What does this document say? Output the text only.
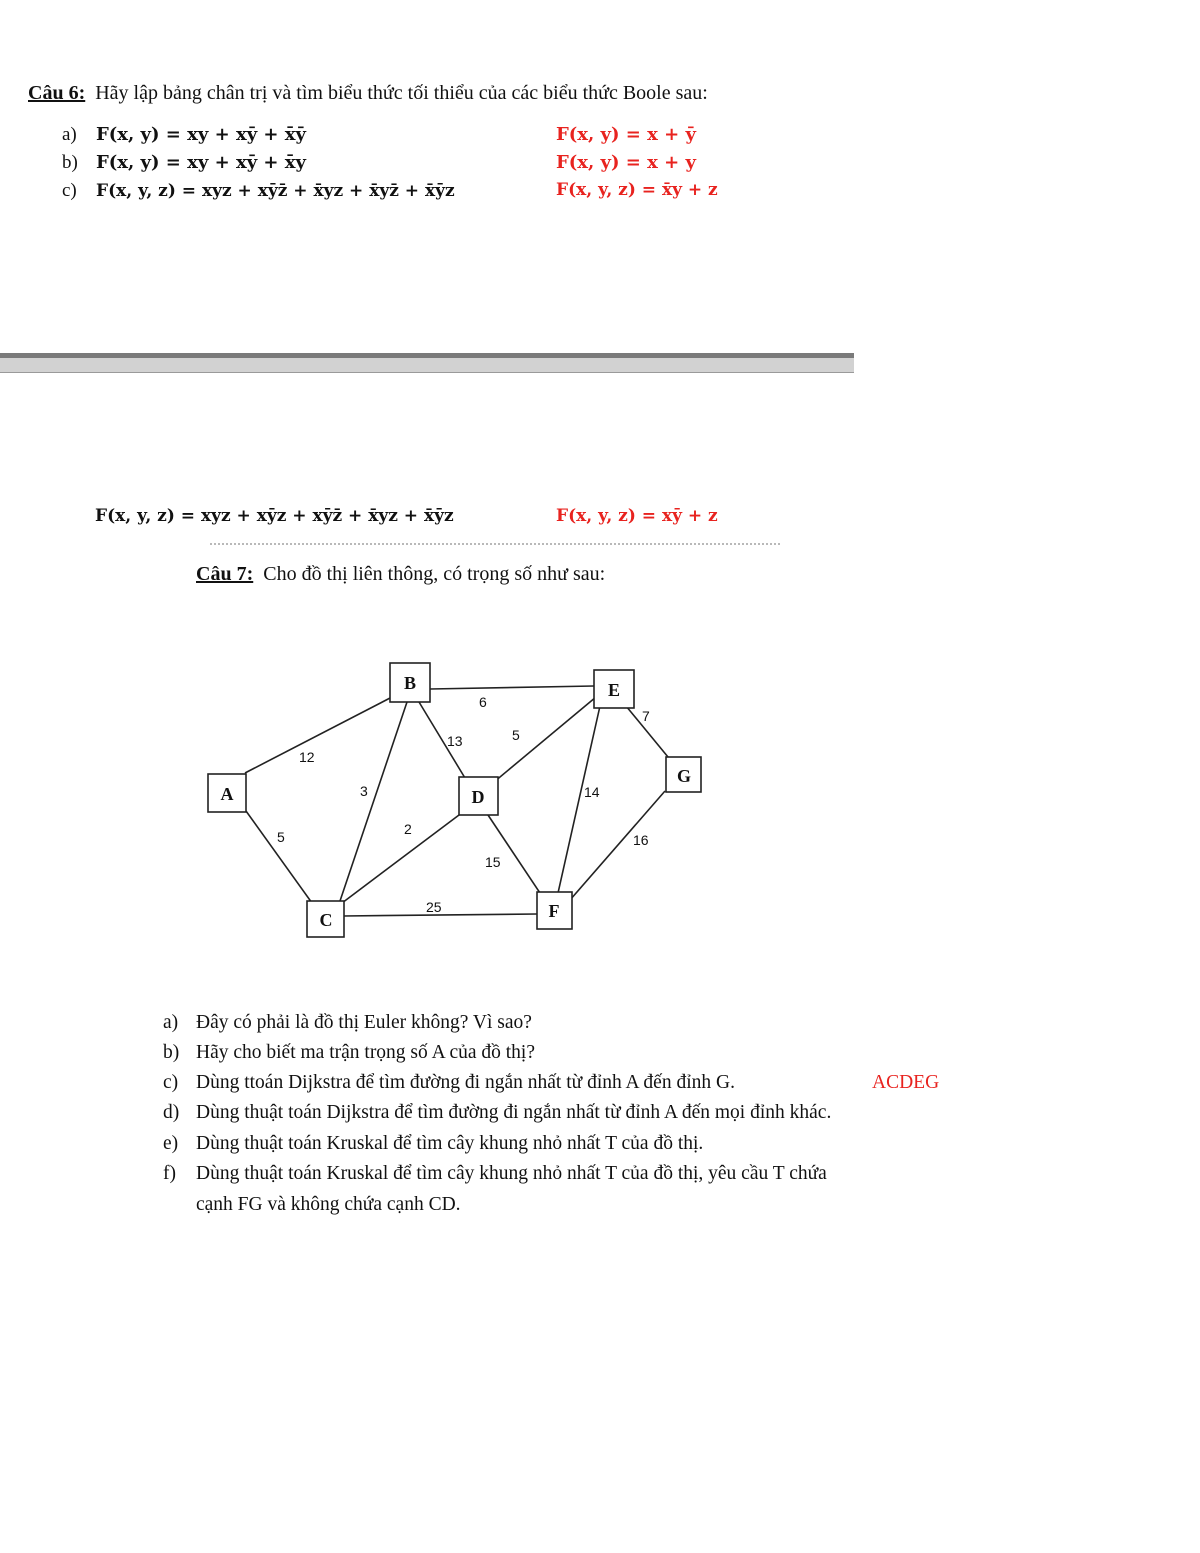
Câu 6: Hãy lập bảng chân trị và tìm biểu thức tối thiểu của các biểu thức Boole sau:
a) F(x, y) = xy + xȳ + x̄ȳ	F(x, y) = x + ȳ
b) F(x, y) = xy + xȳ + x̄y	F(x, y) = x + y
c) F(x, y, z) = xyz + xȳz̄ + x̄yz + x̄yz̄ + x̄ȳz	F(x, y, z) = x̄y + z
F(x, y, z) = xyz + xȳz + xȳz̄ + x̄yz + x̄ȳz	F(x, y, z) = xȳ + z
Câu 7: Cho đồ thị liên thông, có trọng số như sau:
12
5
3
13
6
2
25
5
15
14
7
16
A
B
C
D
E
F
G
a) Đây có phải là đồ thị Euler không? Vì sao?
b) Hãy cho biết ma trận trọng số A của đồ thị?
c) Dùng ttoán Dijkstra để tìm đường đi ngắn nhất từ đỉnh A đến đỉnh G.	ACDEG
d) Dùng thuật toán Dijkstra để tìm đường đi ngắn nhất từ đỉnh A đến mọi đỉnh khác.
e) Dùng thuật toán Kruskal để tìm cây khung nhỏ nhất T của đồ thị.
f) Dùng thuật toán Kruskal để tìm cây khung nhỏ nhất T của đồ thị, yêu cầu T chứa
cạnh FG và không chứa cạnh CD.
